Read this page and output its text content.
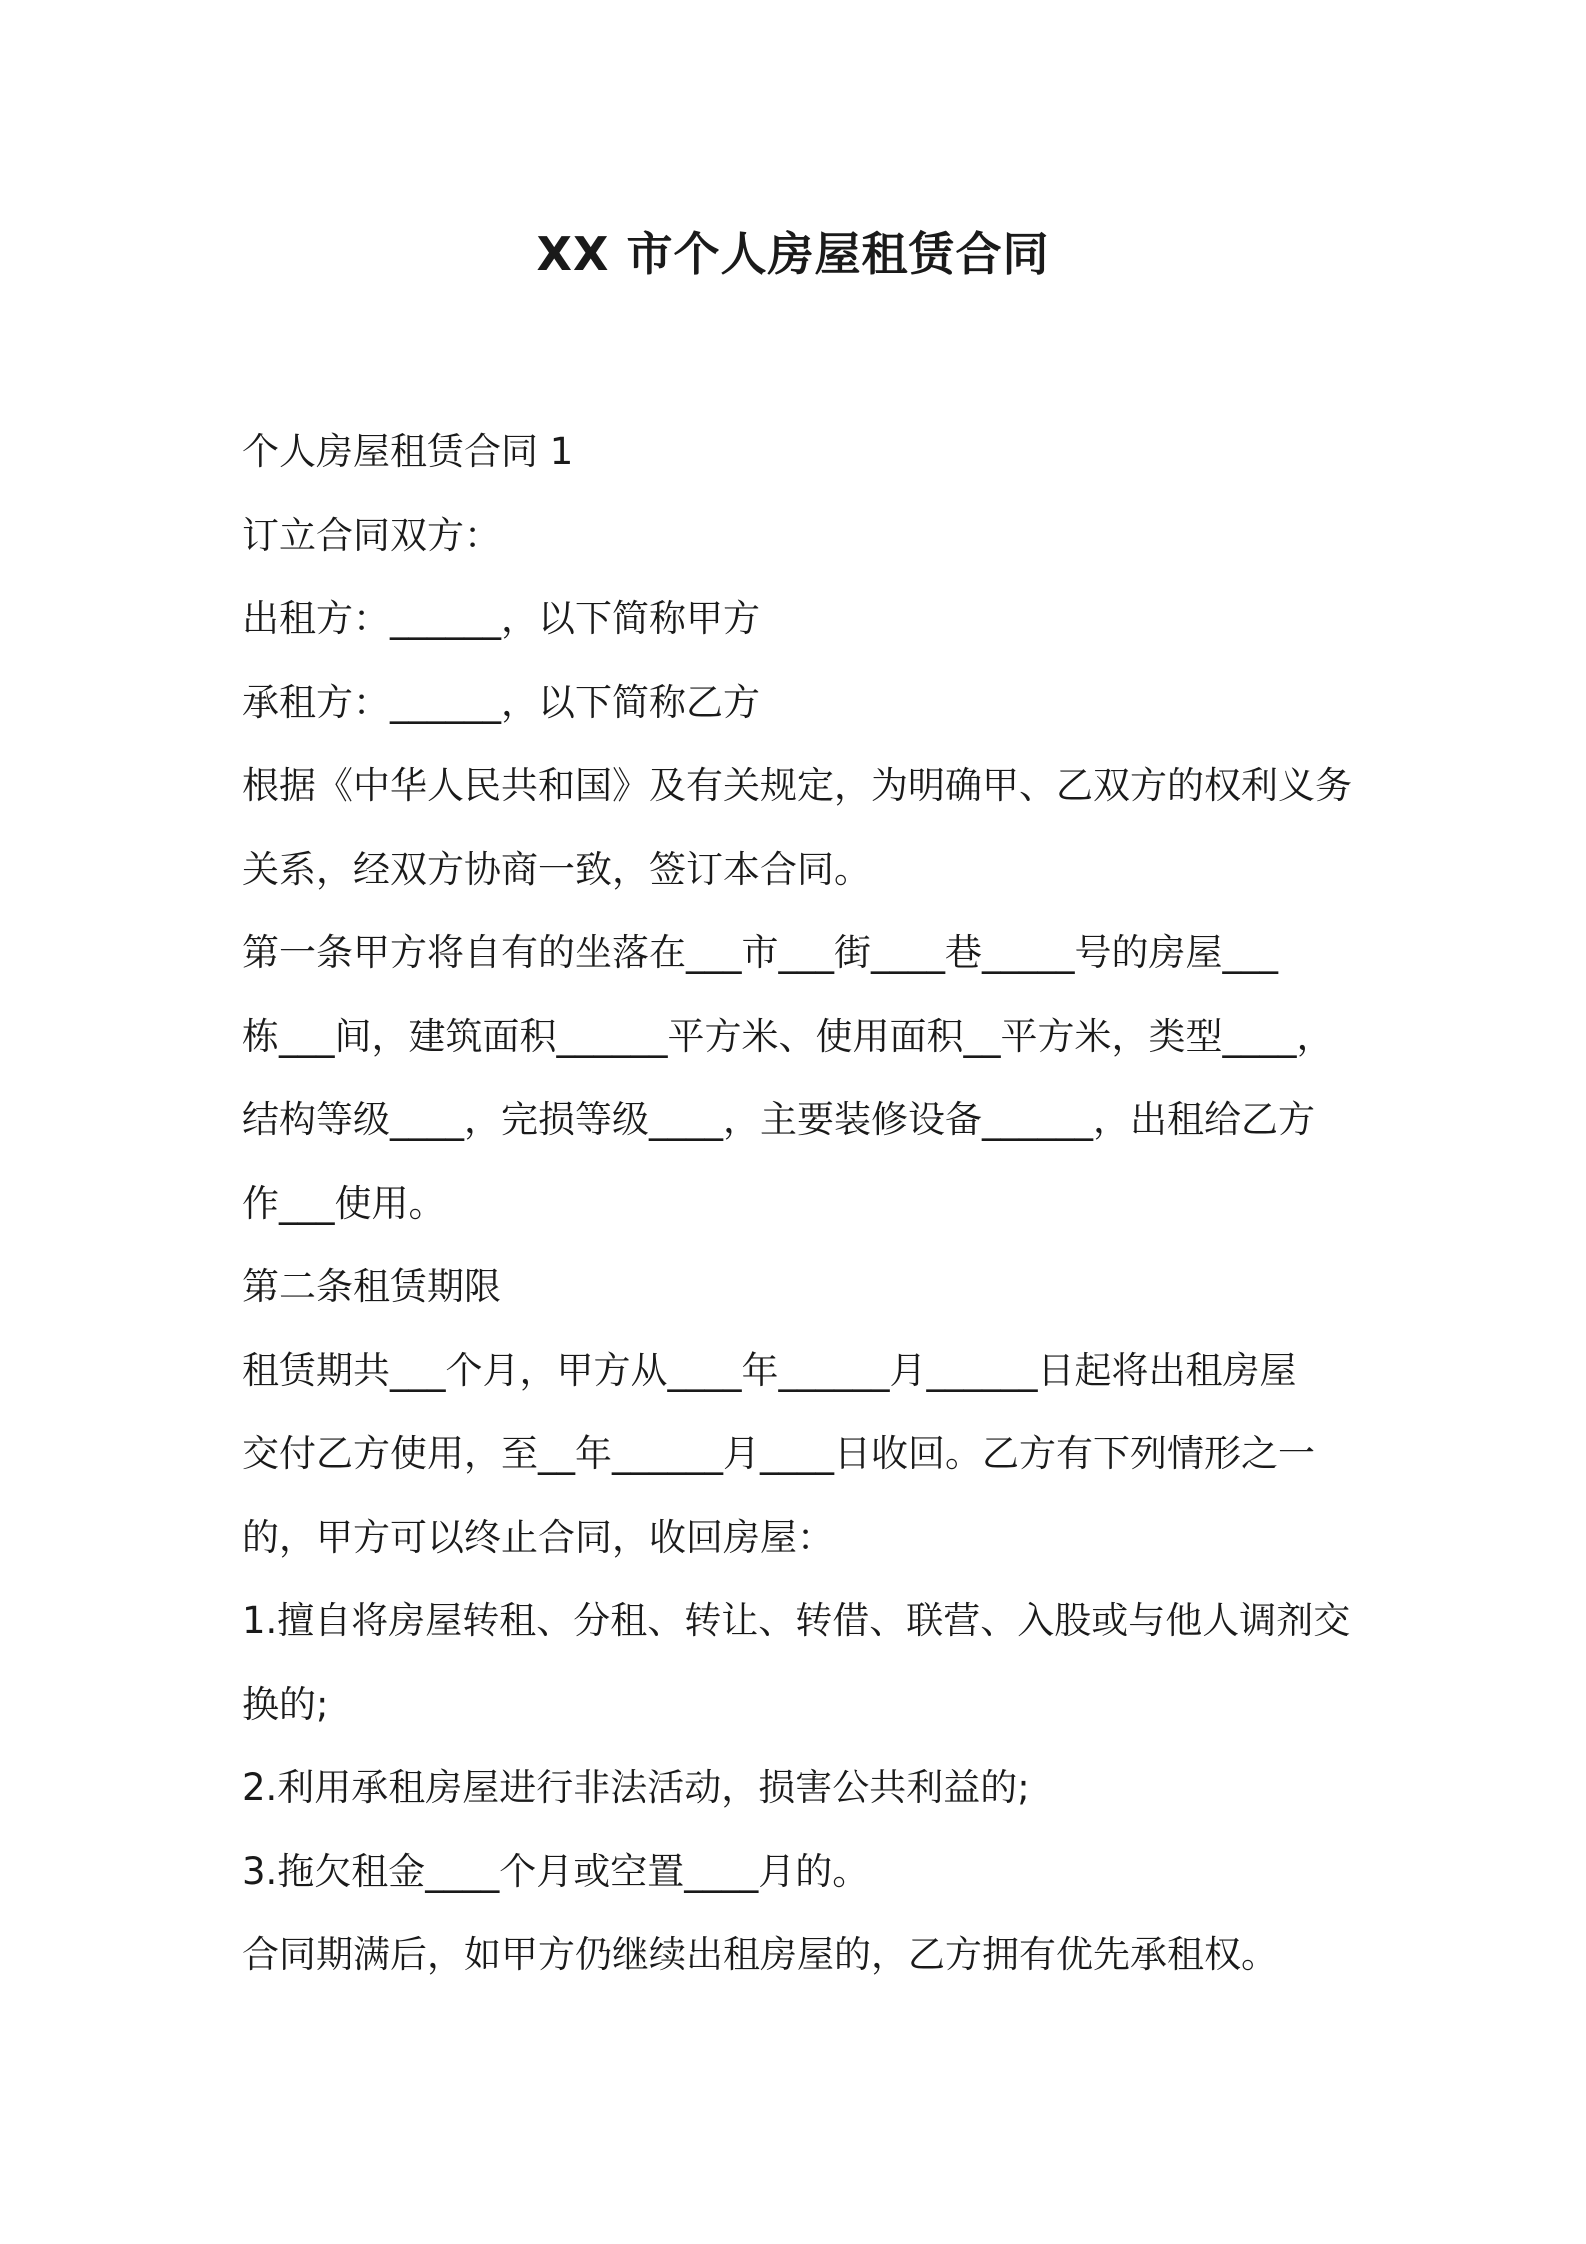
XX 市个人房屋租赁合同
个人房屋租赁合同 1
订立合同双方：
出租方：______，以下简称甲方
承租方：______，以下简称乙方
根据《中华人民共和国》及有关规定，为明确甲、乙双方的权利义务
关系，经双方协商一致，签订本合同。
第一条甲方将自有的坐落在___市___街____巷_____号的房屋___
栋___间，建筑面积______平方米、使用面积__平方米，类型____，
结构等级____，完损等级____，主要装修设备______，出租给乙方
作___使用。
第二条租赁期限
租赁期共___个月，甲方从____年______月______日起将出租房屋
交付乙方使用，至__年______月____日收回。乙方有下列情形之一
的，甲方可以终止合同，收回房屋：
1.擅自将房屋转租、分租、转让、转借、联营、入股或与他人调剂交
换的;
2.利用承租房屋进行非法活动，损害公共利益的;
3.拖欠租金____个月或空置____月的。
合同期满后，如甲方仍继续出租房屋的，乙方拥有优先承租权。
